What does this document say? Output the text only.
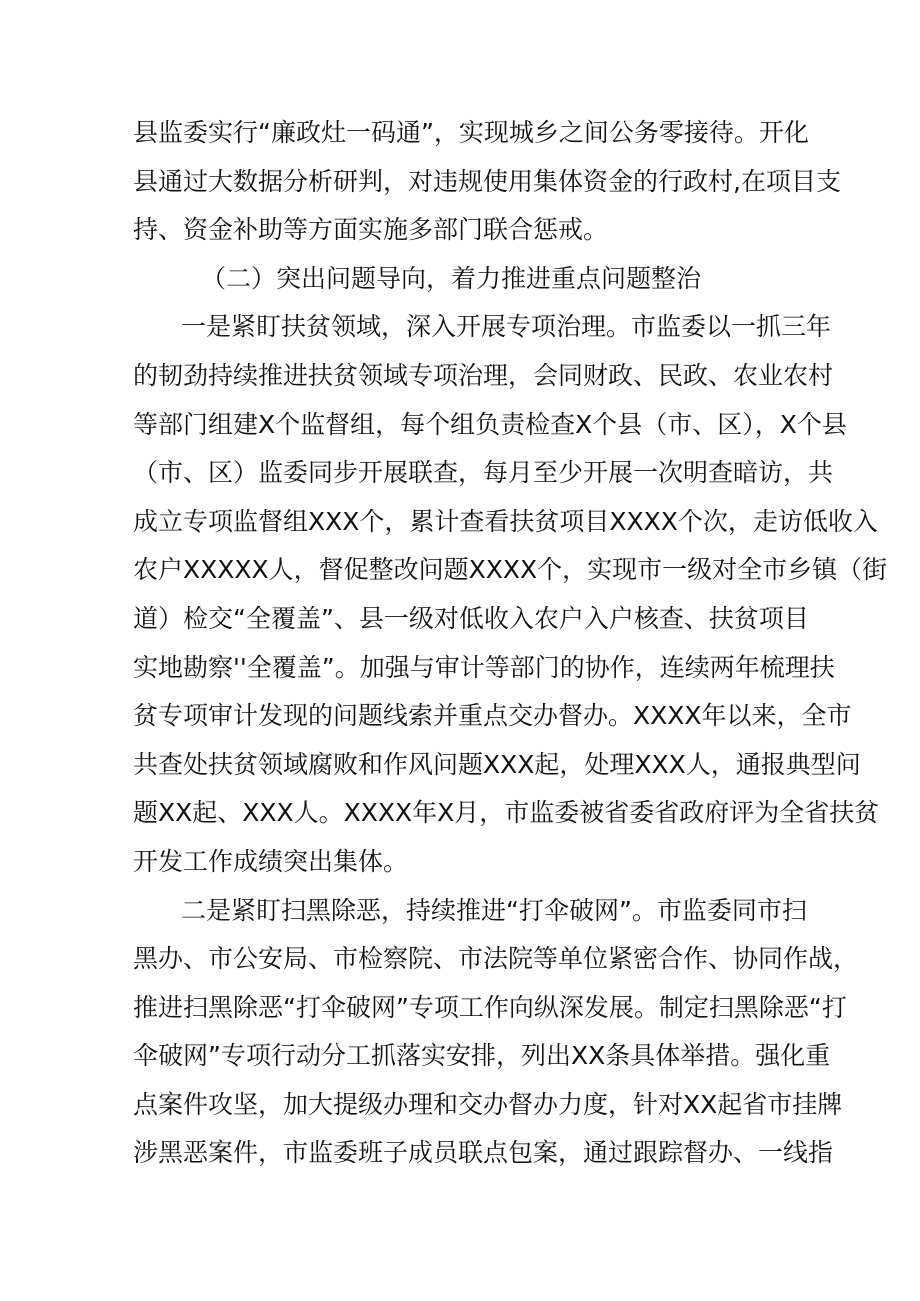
县监委实行“廉政灶一码通”，实现城乡之间公务零接待。开化
县通过大数据分析研判，对违规使用集体资金的行政村,在项目支
持、资金补助等方面实施多部门联合惩戒。
（二）突出问题导向，着力推进重点问题整治
一是紧盯扶贫领域，深入开展专项治理。市监委以一抓三年
的韧劲持续推进扶贫领域专项治理，会同财政、民政、农业农村
等部门组建X个监督组，每个组负责检查X个县（市、区），X个县
（市、区）监委同步开展联查，每月至少开展一次明查暗访，共
成立专项监督组XXX个，累计查看扶贫项目XXXX个次，走访低收入
农户XXXXX人，督促整改问题XXXX个，实现市一级对全市乡镇（街
道）检交“全覆盖”、县一级对低收入农户入户核查、扶贫项目
实地勘察''全覆盖”。加强与审计等部门的协作，连续两年梳理扶
贫专项审计发现的问题线索并重点交办督办。XXXX年以来，全市
共查处扶贫领域腐败和作风问题XXX起，处理XXX人，通报典型问
题XX起、XXX人。XXXX年X月，市监委被省委省政府评为全省扶贫
开发工作成绩突出集体。
二是紧盯扫黑除恶，持续推进“打伞破网”。市监委同市扫
黑办、市公安局、市检察院、市法院等单位紧密合作、协同作战，
推进扫黑除恶“打伞破网”专项工作向纵深发展。制定扫黑除恶“打
伞破网”专项行动分工抓落实安排，列出XX条具体举措。强化重
点案件攻坚，加大提级办理和交办督办力度，针对XX起省市挂牌
涉黑恶案件，市监委班子成员联点包案，通过跟踪督办、一线指
